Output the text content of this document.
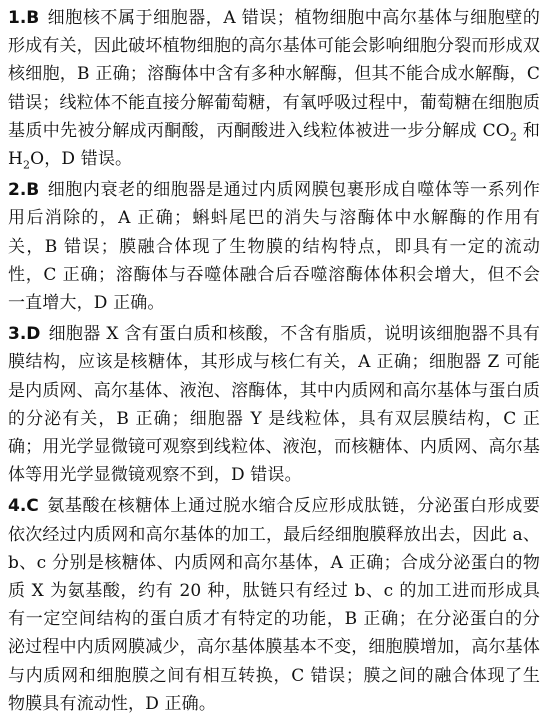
1.B 细胞核不属于细胞器，A 错误；植物细胞中高尔基体与细胞壁的形成有关，因此破坏植物细胞的高尔基体可能会影响细胞分裂而形成双核细胞，B 正确；溶酶体中含有多种水解酶，但其不能合成水解酶，C 错误；线粒体不能直接分解葡萄糖，有氧呼吸过程中，葡萄糖在细胞质基质中先被分解成丙酮酸，丙酮酸进入线粒体被进一步分解成 $CO_2$ 和 $H_2O$，D 错误。

2.B 细胞内衰老的细胞器是通过内质网膜包裹形成自噬体等一系列作用后消除的，A 正确；蝌蚪尾巴的消失与溶酶体中水解酶的作用有关，B 错误；膜融合体现了生物膜的结构特点，即具有一定的流动性，C 正确；溶酶体与吞噬体融合后吞噬溶酶体体积会增大，但不会一直增大，D 正确。

3.D 细胞器 X 含有蛋白质和核酸，不含有脂质，说明该细胞器不具有膜结构，应该是核糖体，其形成与核仁有关，A 正确；细胞器 Z 可能是内质网、高尔基体、液泡、溶酶体，其中内质网和高尔基体与蛋白质的分泌有关，B 正确；细胞器 Y 是线粒体，具有双层膜结构，C 正确；用光学显微镜可观察到线粒体、液泡，而核糖体、内质网、高尔基体等用光学显微镜观察不到，D 错误。

4.C 氨基酸在核糖体上通过脱水缩合反应形成肽链，分泌蛋白形成要依次经过内质网和高尔基体的加工，最后经细胞膜释放出去，因此 a、b、c 分别是核糖体、内质网和高尔基体，A 正确；合成分泌蛋白的物质 X 为氨基酸，约有 20 种，肽链只有经过 b、c 的加工进而形成具有一定空间结构的蛋白质才有特定的功能，B 正确；在分泌蛋白的分泌过程中内质网膜减少，高尔基体膜基本不变，细胞膜增加，高尔基体与内质网和细胞膜之间有相互转换，C 错误；膜之间的融合体现了生物膜具有流动性，D 正确。
